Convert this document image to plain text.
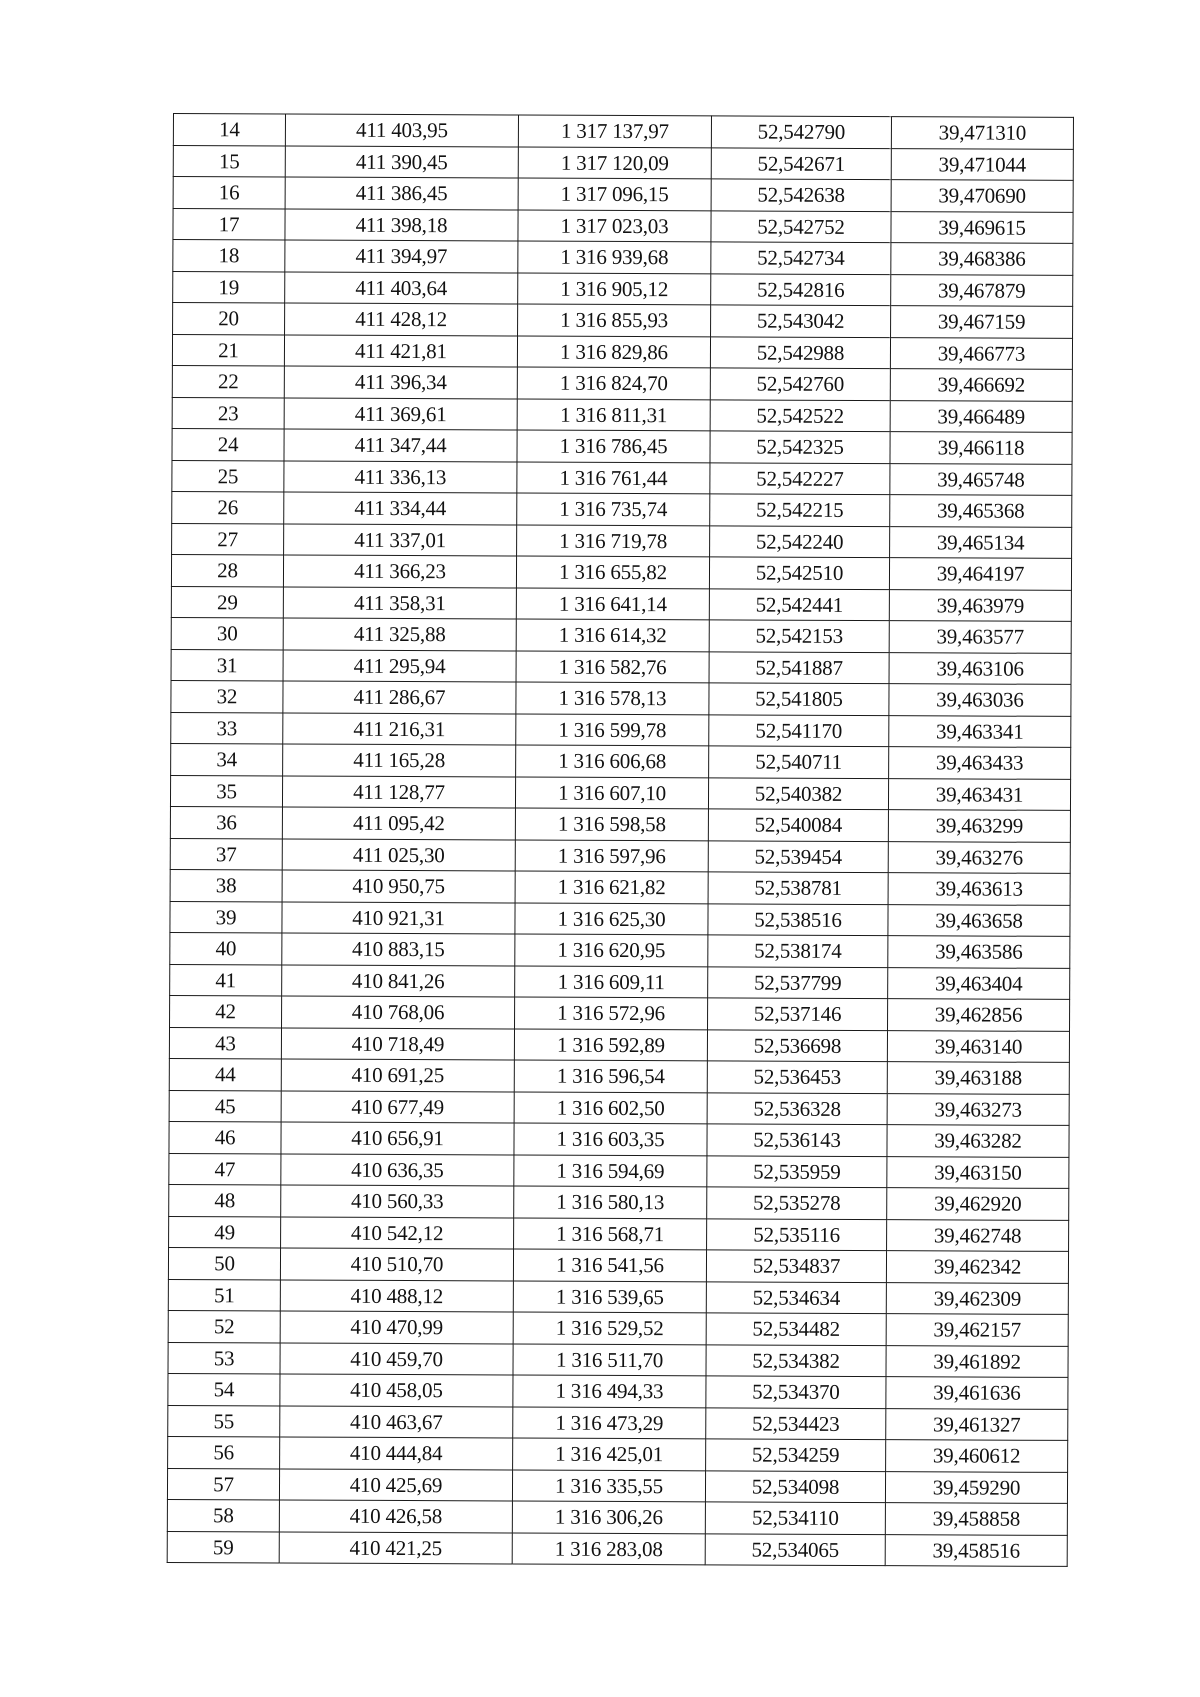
14	411 403,95	1 317 137,97	52,542790	39,471310
15	411 390,45	1 317 120,09	52,542671	39,471044
16	411 386,45	1 317 096,15	52,542638	39,470690
17	411 398,18	1 317 023,03	52,542752	39,469615
18	411 394,97	1 316 939,68	52,542734	39,468386
19	411 403,64	1 316 905,12	52,542816	39,467879
20	411 428,12	1 316 855,93	52,543042	39,467159
21	411 421,81	1 316 829,86	52,542988	39,466773
22	411 396,34	1 316 824,70	52,542760	39,466692
23	411 369,61	1 316 811,31	52,542522	39,466489
24	411 347,44	1 316 786,45	52,542325	39,466118
25	411 336,13	1 316 761,44	52,542227	39,465748
26	411 334,44	1 316 735,74	52,542215	39,465368
27	411 337,01	1 316 719,78	52,542240	39,465134
28	411 366,23	1 316 655,82	52,542510	39,464197
29	411 358,31	1 316 641,14	52,542441	39,463979
30	411 325,88	1 316 614,32	52,542153	39,463577
31	411 295,94	1 316 582,76	52,541887	39,463106
32	411 286,67	1 316 578,13	52,541805	39,463036
33	411 216,31	1 316 599,78	52,541170	39,463341
34	411 165,28	1 316 606,68	52,540711	39,463433
35	411 128,77	1 316 607,10	52,540382	39,463431
36	411 095,42	1 316 598,58	52,540084	39,463299
37	411 025,30	1 316 597,96	52,539454	39,463276
38	410 950,75	1 316 621,82	52,538781	39,463613
39	410 921,31	1 316 625,30	52,538516	39,463658
40	410 883,15	1 316 620,95	52,538174	39,463586
41	410 841,26	1 316 609,11	52,537799	39,463404
42	410 768,06	1 316 572,96	52,537146	39,462856
43	410 718,49	1 316 592,89	52,536698	39,463140
44	410 691,25	1 316 596,54	52,536453	39,463188
45	410 677,49	1 316 602,50	52,536328	39,463273
46	410 656,91	1 316 603,35	52,536143	39,463282
47	410 636,35	1 316 594,69	52,535959	39,463150
48	410 560,33	1 316 580,13	52,535278	39,462920
49	410 542,12	1 316 568,71	52,535116	39,462748
50	410 510,70	1 316 541,56	52,534837	39,462342
51	410 488,12	1 316 539,65	52,534634	39,462309
52	410 470,99	1 316 529,52	52,534482	39,462157
53	410 459,70	1 316 511,70	52,534382	39,461892
54	410 458,05	1 316 494,33	52,534370	39,461636
55	410 463,67	1 316 473,29	52,534423	39,461327
56	410 444,84	1 316 425,01	52,534259	39,460612
57	410 425,69	1 316 335,55	52,534098	39,459290
58	410 426,58	1 316 306,26	52,534110	39,458858
59	410 421,25	1 316 283,08	52,534065	39,458516
